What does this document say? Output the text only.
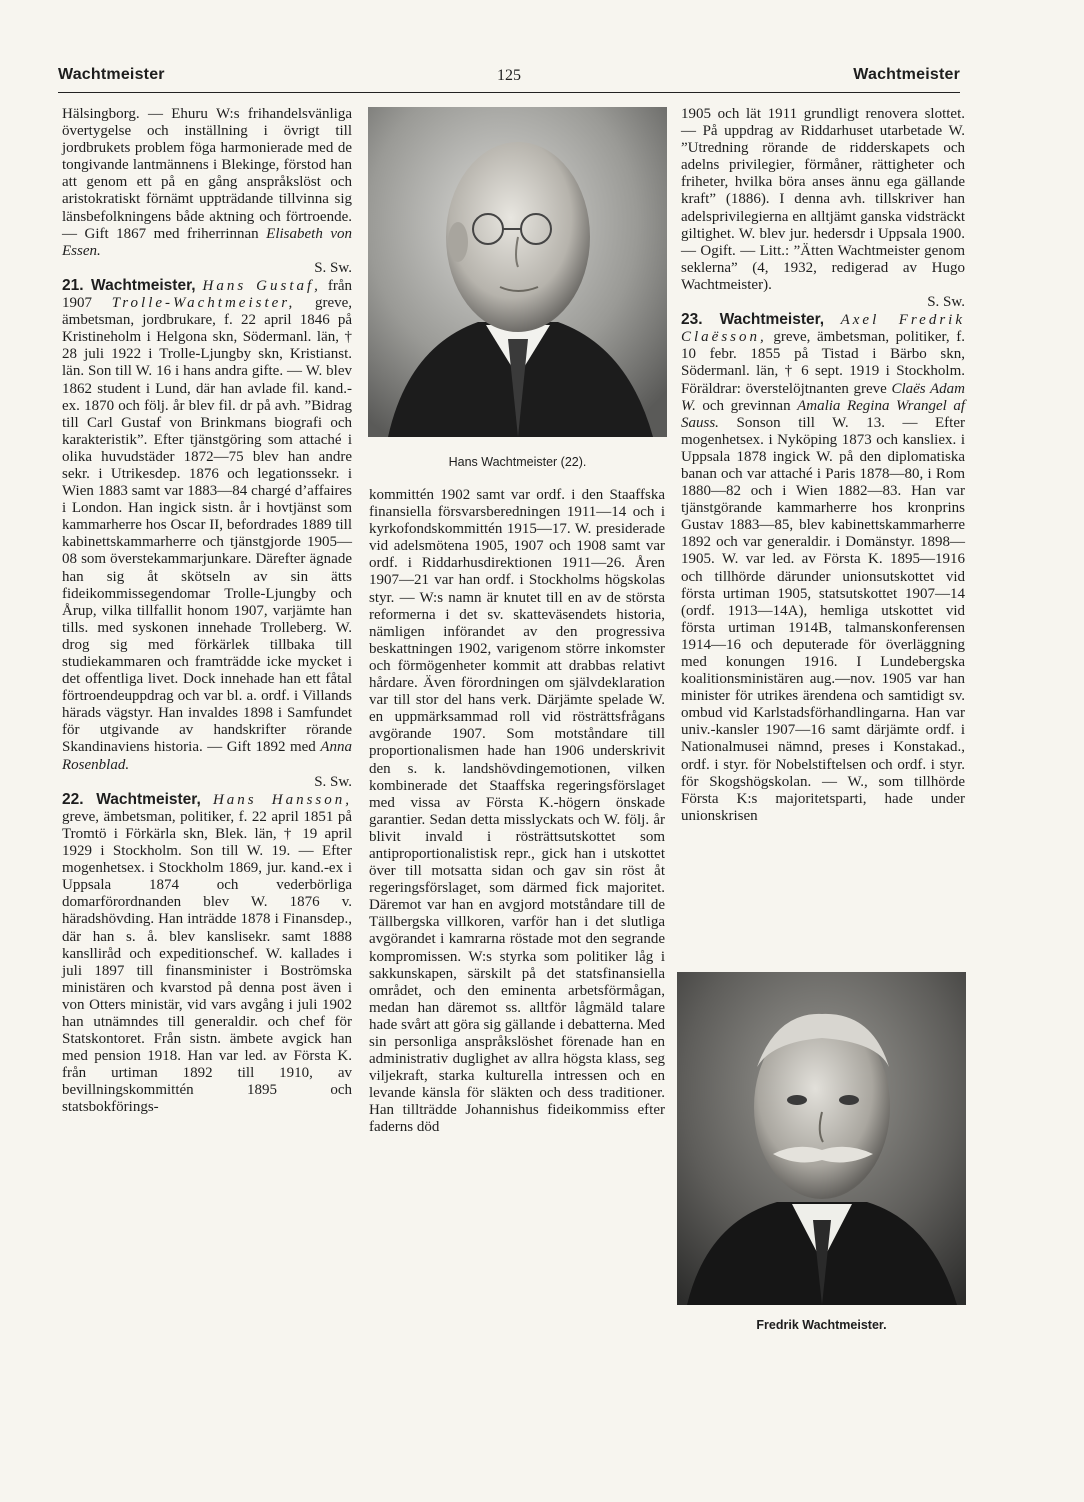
Wachtmeister	125	Wachtmeister

Hälsingborg. — Ehuru W:s frihandelsvänliga övertygelse och inställning i övrigt till jordbrukets problem föga harmonierade med de tongivande lantmännens i Blekinge, förstod han att genom ett på en gång anspråkslöst och aristokratiskt förnämt uppträdande tillvinna sig länsbefolkningens både aktning och förtroende. — Gift 1867 med friherrinnan Elisabeth von Essen.
S. Sw.

21. Wachtmeister, Hans Gustaf, från 1907 Trolle-Wachtmeister, greve, ämbetsman, jordbrukare, f. 22 april 1846 på Kristineholm i Helgona skn, Södermanl. län, † 28 juli 1922 i Trolle-Ljungby skn, Kristianst. län. Son till W. 16 i hans andra gifte. — W. blev 1862 student i Lund, där han avlade fil. kand.-ex. 1870 och följ. år blev fil. dr på avh. ”Bidrag till Carl Gustaf von Brinkmans biografi och karakteristik”. Efter tjänstgöring som attaché i olika huvudstäder 1872—75 blev han andre sekr. i Utrikesdep. 1876 och legationssekr. i Wien 1883 samt var 1883—84 chargé d’affaires i London. Han ingick sistn. år i hovtjänst som kammarherre hos Oscar II, befordrades 1889 till kabinettskammarherre och tjänstgjorde 1905—08 som överstekammarjunkare. Därefter ägnade han sig åt skötseln av sin ätts fideikommissegendomar Trolle-Ljungby och Årup, vilka tillfallit honom 1907, varjämte han tills. med syskonen innehade Trolleberg. W. drog sig med förkärlek tillbaka till studiekammaren och framträdde icke mycket i det offentliga livet. Dock innehade han ett fåtal förtroendeuppdrag och var bl. a. ordf. i Villands härads vägstyr. Han invaldes 1898 i Samfundet för utgivande av handskrifter rörande Skandinaviens historia. — Gift 1892 med Anna Rosenblad.
S. Sw.

22. Wachtmeister, Hans Hansson, greve, ämbetsman, politiker, f. 22 april 1851 på Tromtö i Förkärla skn, Blek. län, † 19 april 1929 i Stockholm. Son till W. 19. — Efter mogenhetsex. i Stockholm 1869, jur. kand.-ex i Uppsala 1874 och vederbörliga domarförordnanden blev W. 1876 v. häradshövding. Han inträdde 1878 i Finansdep., där han s. å. blev kanslisekr. samt 1888 kanslliråd och expeditionschef. W. kallades i juli 1897 till finansminister i Boströmska ministären och kvarstod på denna post även i von Otters ministär, vid vars avgång i juli 1902 han utnämndes till generaldir. och chef för Statskontoret. Från sistn. ämbete avgick han med pension 1918. Han var led. av Första K. från urtiman 1892 till 1910, av bevillningskommittén 1895 och statsbokförings-

Hans Wachtmeister (22).

kommittén 1902 samt var ordf. i den Staaffska finansiella försvarsberedningen 1911—14 och i kyrkofondskommittén 1915—17. W. presiderade vid adelsmötena 1905, 1907 och 1908 samt var ordf. i Riddarhusdirektionen 1911—26. Åren 1907—21 var han ordf. i Stockholms högskolas styr. — W:s namn är knutet till en av de största reformerna i det sv. skatteväsendets historia, nämligen införandet av den progressiva beskattningen 1902, varigenom större inkomster och förmögenheter kommit att drabbas relativt hårdare. Även förordningen om självdeklaration var till stor del hans verk. Därjämte spelade W. en uppmärksammad roll vid rösträttsfrågans avgörande 1907. Som motståndare till proportionalismen hade han 1906 underskrivit den s. k. landshövdingemotionen, vilken kombinerade det Staaffska regeringsförslaget med vissa av Första K.-högern önskade garantier. Sedan detta misslyckats och W. följ. år blivit invald i rösträttsutskottet som antiproportionalistisk repr., gick han i utskottet över till motsatta sidan och gav sin röst åt regeringsförslaget, som därmed fick majoritet. Däremot var han en avgjord motståndare till de Tällbergska villkoren, varför han i det slutliga avgörandet i kamrarna röstade mot den segrande kompromissen. W:s styrka som politiker låg i sakkunskapen, särskilt på det statsfinansiella området, och den eminenta arbetsförmågan, medan han däremot ss. alltför lågmäld talare hade svårt att göra sig gällande i debatterna. Med sin personliga anspråkslöshet förenade han en administrativ duglighet av allra högsta klass, seg viljekraft, starka kulturella intressen och en levande känsla för släkten och dess traditioner. Han tillträdde Johannishus fideikommiss efter faderns död

1905 och lät 1911 grundligt renovera slottet. — På uppdrag av Riddarhuset utarbetade W. ”Utredning rörande de ridderskapets och adelns privilegier, förmåner, rättigheter och friheter, hvilka böra anses ännu ega gällande kraft” (1886). I denna avh. tillskriver han adelsprivilegierna en alltjämt ganska vidsträckt giltighet. W. blev jur. hedersdr i Uppsala 1900. — Ogift. — Litt.: ”Ätten Wachtmeister genom seklerna” (4, 1932, redigerad av Hugo Wachtmeister).
S. Sw.

23. Wachtmeister, Axel Fredrik Claësson, greve, ämbetsman, politiker, f. 10 febr. 1855 på Tistad i Bärbo skn, Södermanl. län, † 6 sept. 1919 i Stockholm. Föräldrar: överstelöjtnanten greve Claës Adam W. och grevinnan Amalia Regina Wrangel af Sauss. Sonson till W. 13. — Efter mogenhetsex. i Nyköping 1873 och kansliex. i Uppsala 1878 ingick W. på den diplomatiska banan och var attaché i Paris 1878—80, i Rom 1880—82 och i Wien 1882—83. Han var tjänstgörande kammarherre hos kronprins Gustav 1883—85, blev kabinettskammarherre 1892 och var generaldir. i Domänstyr. 1898—1905. W. var led. av Första K. 1895—1916 och tillhörde därunder unionsutskottet vid första urtiman 1905, statsutskottet 1907—14 (ordf. 1913—14A), hemliga utskottet vid första urtiman 1914B, talmanskonferensen 1914—16 och deputerade för överläggning med konungen 1916. I Lundebergska koalitionsministären aug.—nov. 1905 var han minister för utrikes ärendena och samtidigt sv. ombud vid Karlstadsförhandlingarna. Han var univ.-kansler 1907—16 samt därjämte ordf. i Nationalmusei nämnd, preses i Konstakad., ordf. i styr. för Nobelstiftelsen och ordf. i styr. för Skogshögskolan. — W., som tillhörde Första K:s majoritetsparti, hade under unionskrisen

Fredrik Wachtmeister.
